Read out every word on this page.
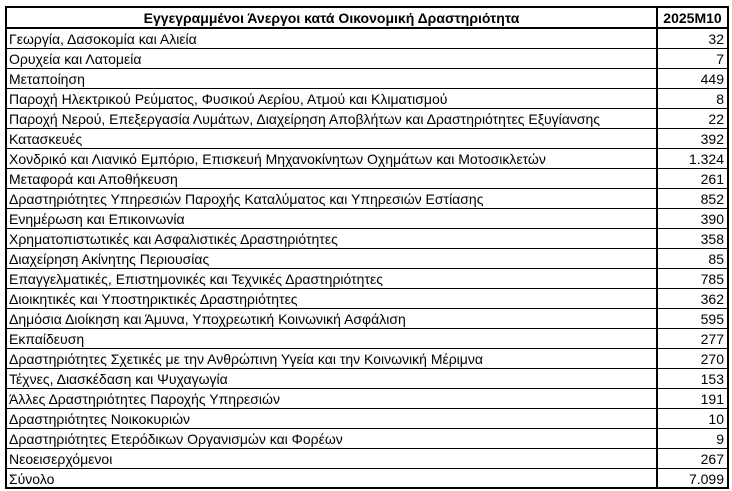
Εγγεγραμμένοι Άνεργοι κατά Οικονομική Δραστηριότητα	2025M10
Γεωργία, Δασοκομία και Αλιεία	32
Ορυχεία και Λατομεία	7
Μεταποίηση	449
Παροχή Ηλεκτρικού Ρεύματος, Φυσικού Αερίου, Ατμού και Κλιματισμού	8
Παροχή Νερού, Επεξεργασία Λυμάτων, Διαχείρηση Αποβλήτων και Δραστηριότητες Εξυγίανσης	22
Κατασκευές	392
Χονδρικό και Λιανικό Εμπόριο, Επισκευή Μηχανοκίνητων Οχημάτων και Μοτοσικλετών	1.324
Μεταφορά και Αποθήκευση	261
Δραστηριότητες Υπηρεσιών Παροχής Καταλύματος και Υπηρεσιών Εστίασης	852
Ενημέρωση και Επικοινωνία	390
Χρηματοπιστωτικές και Ασφαλιστικές Δραστηριότητες	358
Διαχείρηση Ακίνητης Περιουσίας	85
Επαγγελματικές, Επιστημονικές και Τεχνικές Δραστηριότητες	785
Διοικητικές και Υποστηρικτικές Δραστηριότητες	362
Δημόσια Διοίκηση και Άμυνα, Υποχρεωτική Κοινωνική Ασφάλιση	595
Εκπαίδευση	277
Δραστηριότητες Σχετικές με την Ανθρώπινη Υγεία και την Κοινωνική Μέριμνα	270
Τέχνες, Διασκέδαση και Ψυχαγωγία	153
Άλλες Δραστηριότητες Παροχής Υπηρεσιών	191
Δραστηριότητες Νοικοκυριών	10
Δραστηριότητες Ετερόδικων Οργανισμών και Φορέων	9
Νεοεισερχόμενοι	267
Σύνολο	7.099
